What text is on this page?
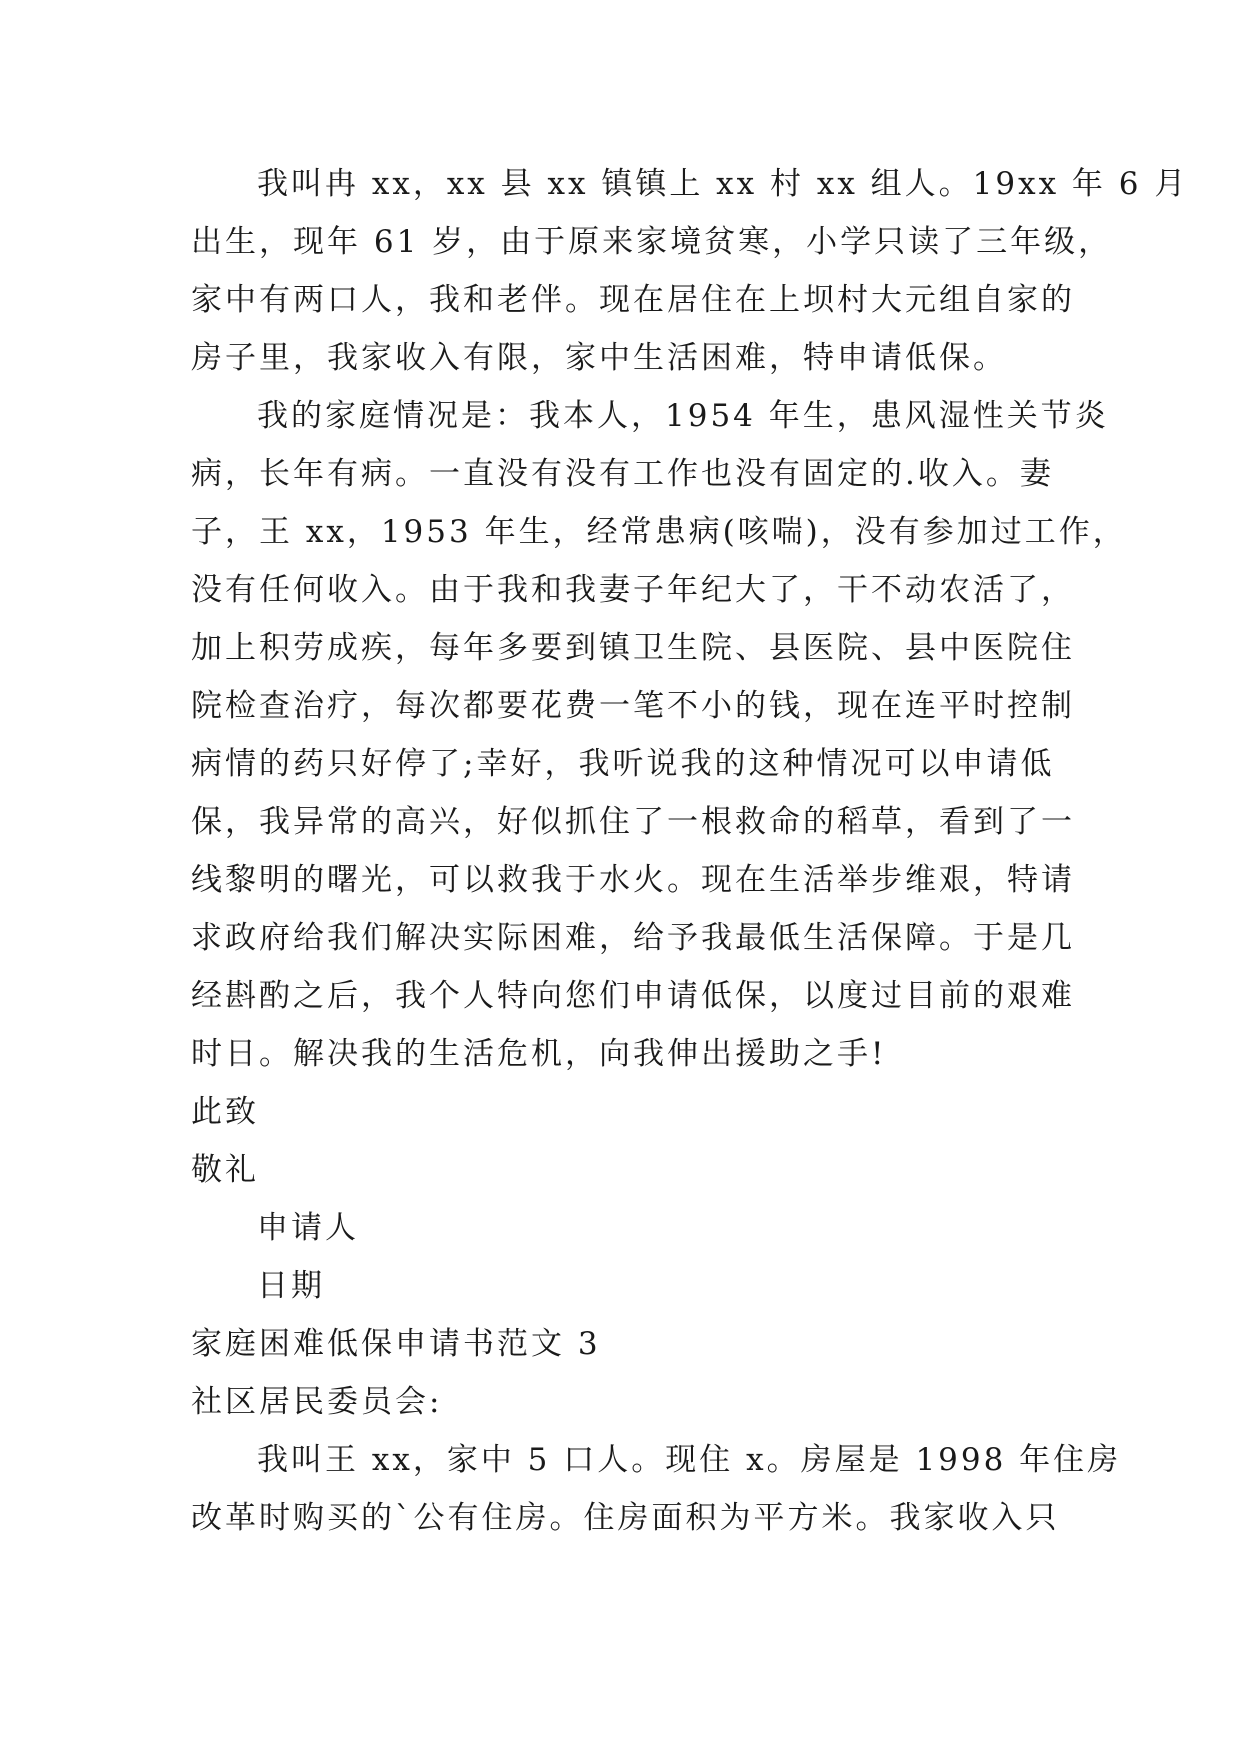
我叫冉 xx，xx 县 xx 镇镇上 xx 村 xx 组人。19xx 年 6 月
出生，现年 61 岁，由于原来家境贫寒，小学只读了三年级，
家中有两口人，我和老伴。现在居住在上坝村大元组自家的
房子里，我家收入有限，家中生活困难，特申请低保。
我的家庭情况是：我本人，1954 年生，患风湿性关节炎
病，长年有病。一直没有没有工作也没有固定的.收入。妻
子，王 xx，1953 年生，经常患病(咳喘)，没有参加过工作，
没有任何收入。由于我和我妻子年纪大了，干不动农活了，
加上积劳成疾，每年多要到镇卫生院、县医院、县中医院住
院检查治疗，每次都要花费一笔不小的钱，现在连平时控制
病情的药只好停了;幸好，我听说我的这种情况可以申请低
保，我异常的高兴，好似抓住了一根救命的稻草，看到了一
线黎明的曙光，可以救我于水火。现在生活举步维艰，特请
求政府给我们解决实际困难，给予我最低生活保障。于是几
经斟酌之后，我个人特向您们申请低保，以度过目前的艰难
时日。解决我的生活危机，向我伸出援助之手!
此致
敬礼
申请人
日期
家庭困难低保申请书范文 3
社区居民委员会:
我叫王 xx，家中 5 口人。现住 x。房屋是 1998 年住房
改革时购买的`公有住房。住房面积为平方米。我家收入只
